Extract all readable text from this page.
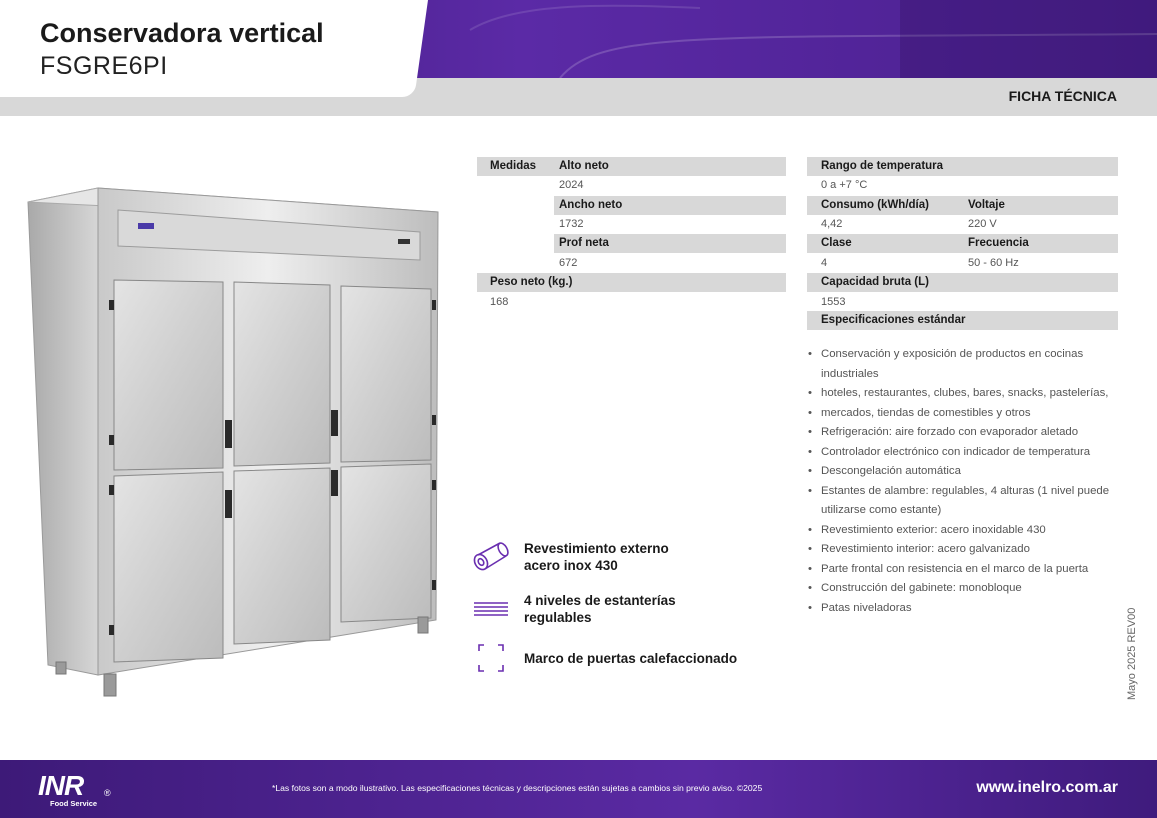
Conservadora vertical
FSGRE6PI
FICHA TÉCNICA
Medidas Alto neto
2024
Ancho neto
1732
Prof neta
672
Peso neto (kg.)
168
Rango de temperatura
0 a +7 °C
Consumo (kWh/día)	Voltaje
4,42	220 V
Clase	Frecuencia
4	50 - 60 Hz
Capacidad bruta (L)
1553
Especificaciones estándar
• Conservación y exposición de productos en cocinas industriales
• hoteles, restaurantes, clubes, bares, snacks, pastelerías,
• mercados, tiendas de comestibles y otros
• Refrigeración: aire forzado con evaporador aletado
• Controlador electrónico con indicador de temperatura
• Descongelación automática
• Estantes de alambre: regulables, 4 alturas (1 nivel puede utilizarse como estante)
• Revestimiento exterior: acero inoxidable 430
• Revestimiento interior: acero galvanizado
• Parte frontal con resistencia en el marco de la puerta
• Construcción del gabinete: monobloque
• Patas niveladoras
Revestimiento externo
acero inox 430
4 niveles de estanterías
regulables
Marco de puertas calefaccionado	Mayo 2025 REV00
INR ®
Food Service
*Las fotos son a modo ilustrativo. Las especificaciones técnicas y descripciones están sujetas a cambios sin previo aviso. ©2025	www.inelro.com.ar
